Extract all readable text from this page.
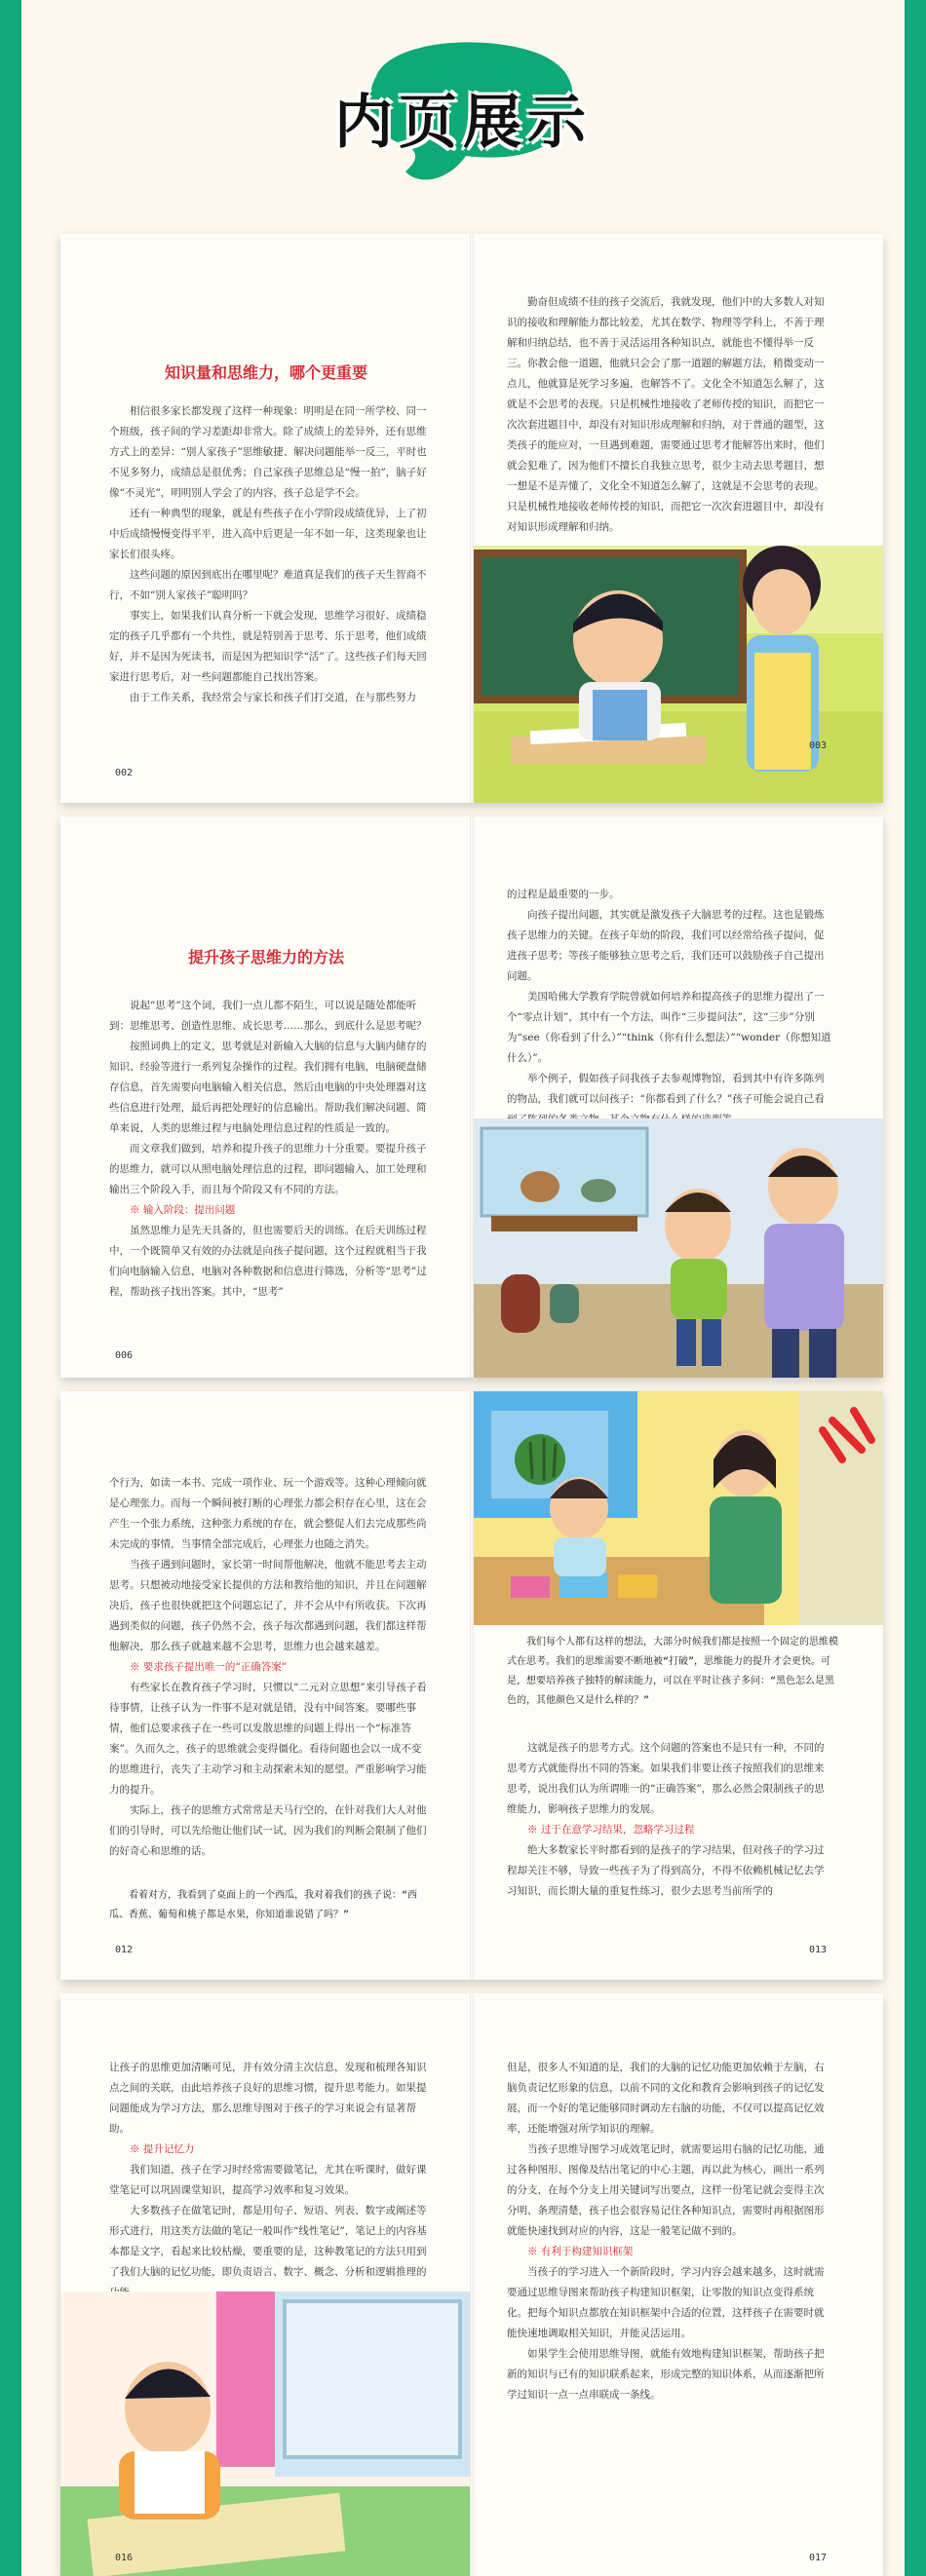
内页展示
知识量和思维力，哪个更重要

相信很多家长都发现了这样一种现象：明明是在同一所学校、同一个班级，孩子间的学习差距却非常大。除了成绩上的差异外，还有思维方式上的差异：“别人家孩子”思维敏捷、解决问题能举一反三，平时也不见多努力，成绩总是很优秀；自己家孩子思维总是“慢一拍”，脑子好像“不灵光”，明明别人学会了的内容，孩子总是学不会。

还有一种典型的现象，就是有些孩子在小学阶段成绩优异，上了初中后成绩慢慢变得平平，进入高中后更是一年不如一年，这类现象也让家长们很头疼。

这些问题的原因到底出在哪里呢？难道真是我们的孩子天生智商不行，不如“别人家孩子”聪明吗？

事实上，如果我们认真分析一下就会发现，思维学习很好、成绩稳定的孩子几乎都有一个共性，就是特别善于思考、乐于思考，他们成绩好，并不是因为死读书，而是因为把知识学“活”了。这些孩子们每天回家进行思考后，对一些问题都能自己找出答案。

由于工作关系，我经常会与家长和孩子们打交道，在与那些努力

002

勤奋但成绩不佳的孩子交流后，我就发现，他们中的大多数人对知识的接收和理解能力都比较差，尤其在数学、物理等学科上，不善于理解和归纳总结，也不善于灵活运用各种知识点，就能也不懂得举一反三。你教会他一道题，他就只会会了那一道题的解题方法，稍微变动一点儿，他就算是死学习多遍，也解答不了。文化全不知道怎么解了，这就是不会思考的表现。只是机械性地接收了老师传授的知识，而把它一次次套进题目中，却没有对知识形成理解和归纳，对于普通的题型，这类孩子的能应对，一旦遇到难题，需要通过思考才能解答出来时，他们就会犯难了，因为他们不擅长自我独立思考，很少主动去思考题目，想一想是不是弄懂了，文化全不知道怎么解了，这就是不会思考的表现。只是机械性地接收老师传授的知识，而把它一次次套进题目中，却没有对知识形成理解和归纳。

003
提升孩子思维力的方法

说起“思考”这个词，我们一点儿都不陌生，可以说是随处都能听到：思维思考、创造性思维、成长思考……那么，到底什么是思考呢？

按照词典上的定义，思考就是对新输入大脑的信息与大脑内储存的知识、经验等进行一系列复杂操作的过程。我们拥有电脑，电脑硬盘储存信息，首先需要向电脑输入相关信息，然后由电脑的中央处理器对这些信息进行处理，最后再把处理好的信息输出。帮助我们解决问题、简单来说，人类的思维过程与电脑处理信息过程的性质是一致的。

而文章我们做到，培养和提升孩子的思维力十分重要。要提升孩子的思维力，就可以从照电脑处理信息的过程，即问题输入、加工处理和输出三个阶段入手，而且每个阶段又有不同的方法。

※ 输入阶段：提出问题

虽然思维力是先天具备的，但也需要后天的训练。在后天训练过程中，一个既简单又有效的办法就是向孩子提问题，这个过程就相当于我们向电脑输入信息，电脑对各种数据和信息进行筛选，分析等“思考”过程，帮助孩子找出答案。其中，“思考”

006

的过程是最重要的一步。

向孩子提出问题，其实就是激发孩子大脑思考的过程。这也是锻炼孩子思维力的关键。在孩子年幼的阶段，我们可以经常给孩子提问，促进孩子思考；等孩子能够独立思考之后，我们还可以鼓励孩子自己提出问题。

美国哈佛大学教育学院曾就如何培养和提高孩子的思维力提出了一个“零点计划”，其中有一个方法，叫作“三步提问法”，这“三步”分别为“see（你看到了什么）”“think（你有什么想法）”“wonder（你想知道什么）”。

举个例子，假如孩子问我孩子去参观博物馆，看到其中有许多陈列的物品，我们就可以问孩子：“你都看到了什么？”孩子可能会说自己看

个行为，如读一本书、完成一项作业、玩一个游戏等。这种心理倾向就是心理张力。而每一个瞬间被打断的心理张力都会积存在心里，这在会产生一个张力系统，这种张力系统的存在，就会整促人们去完成那些尚未完成的事情，当事情全部完成后，心理张力也随之消失。

当孩子遇到问题时，家长第一时间帮他解决，他就不能思考去主动思考。只想被动地接受家长提供的方法和教给他的知识，并且在问题解决后，孩子也很快就把这个问题忘记了，并不会从中有所收获。下次再遇到类似的问题，孩子仍然不会，孩子每次都遇到问题，我们都这样帮他解决，那么孩子就越来越不会思考，思维力也会越来越差。

※ 要求孩子提出唯一的“正确答案”

有些家长在教育孩子学习时，只惯以“二元对立思想”来引导孩子看待事情，让孩子认为一件事不是对就是错，没有中间答案。要哪些事情，他们总要求孩子在一些可以发散思维的问题上得出一个“标准答案”。久而久之，孩子的思维就会变得僵化。看待问题也会以一成不变的思维进行，丧失了主动学习和主动探索未知的愿望。严重影响学习能力的提升。

实际上，孩子的思维方式常常是天马行空的，在针对我们大人对他们的引导时，可以先给他让他们试一试，因为我们的判断会限制了他们的好奇心和思维的话。

看着对方，我看到了桌面上的一个西瓜，我对着我们的孩子说：“西瓜、香蕉、葡萄和桃子都是水果，你知道谁说错了吗？”
012
我们每个人都有这样的想法，大部分时候我们都是按照一个固定的思维模式在思考。我们的思维需要不断地被“打破”，思维能力的提升才会更快。可是，想要培养孩子独特的解读能力，可以在平时让孩子多问：“黑色怎么是黑色的，其他颜色又是什么样的？”

这就是孩子的思考方式。这个问题的答案也不是只有一种，不同的思考方式就能得出不同的答案。如果我们非要让孩子按照我们的思维来思考，说出我们认为所谓唯一的“正确答案”，那么必然会限制孩子的思维能力，影响孩子思维力的发展。

※ 过于在意学习结果，忽略学习过程

绝大多数家长平时都看到的是孩子的学习结果，但对孩子的学习过程却关注不够，导致一些孩子为了得到高分，不得不依赖机械记忆去学习知识，而长期大量的重复性练习，很少去思考当前所学的

013

让孩子的思维更加清晰可见，并有效分清主次信息，发现和梳理各知识点之间的关联，由此培养孩子良好的思维习惯，提升思考能力。如果提问题能成为学习方法，那么思维导图对于孩子的学习来说会有显著帮助。

※ 提升记忆力

我们知道，孩子在学习时经常需要做笔记，尤其在听课时，做好课堂笔记可以巩固课堂知识，提高学习效率和复习效果。

大多数孩子在做笔记时，都是用句子、短语、列表、数字或阐述等形式进行，用这类方法做的笔记一般叫作“线性笔记”，笔记上的内容基本都是文字，看起来比较枯燥，要重要的是，这种教笔记的方法只用到了我们大脑的记忆功能，即负责语言、数字、概念、分析和逻辑推理的

016

但是，很多人不知道的是，我们的大脑的记忆功能更加依赖于左脑，右脑负责记忆形象的信息，以前不同的文化和教育会影响到孩子的记忆发展，而一个好的笔记能够同时调动左右脑的功能，不仅可以提高记忆效率，还能增强对所学知识的理解。

当孩子思维导图学习成效笔记时，就需要运用右脑的记忆功能，通过各种图形、图像及结出笔记的中心主题，再以此为核心，画出一系列的分支，在每个分支上用关键词写出要点，这样一份笔记就会变得主次分明、条理清楚，孩子也会很容易记住各种知识点，需要时再根据图形就能快速找到对应的内容，这是一般笔记做不到的。

※ 有利于构建知识框架

当孩子的学习进入一个新阶段时，学习内容会越来越多，这时就需要通过思维导图来帮助孩子构建知识框架，让零散的知识点变得系统化。把每个知识点都放在知识框架中合适的位置，这样孩子在需要时就能快速地调取相关知识，并能灵活运用。

如果学生会使用思维导图，就能有效地构建知识框架，帮助孩子把新的知识与已有的知识联系起来，形成完整的知识体系，从而逐渐把所学过知识一点一点串联成一条线。

017
